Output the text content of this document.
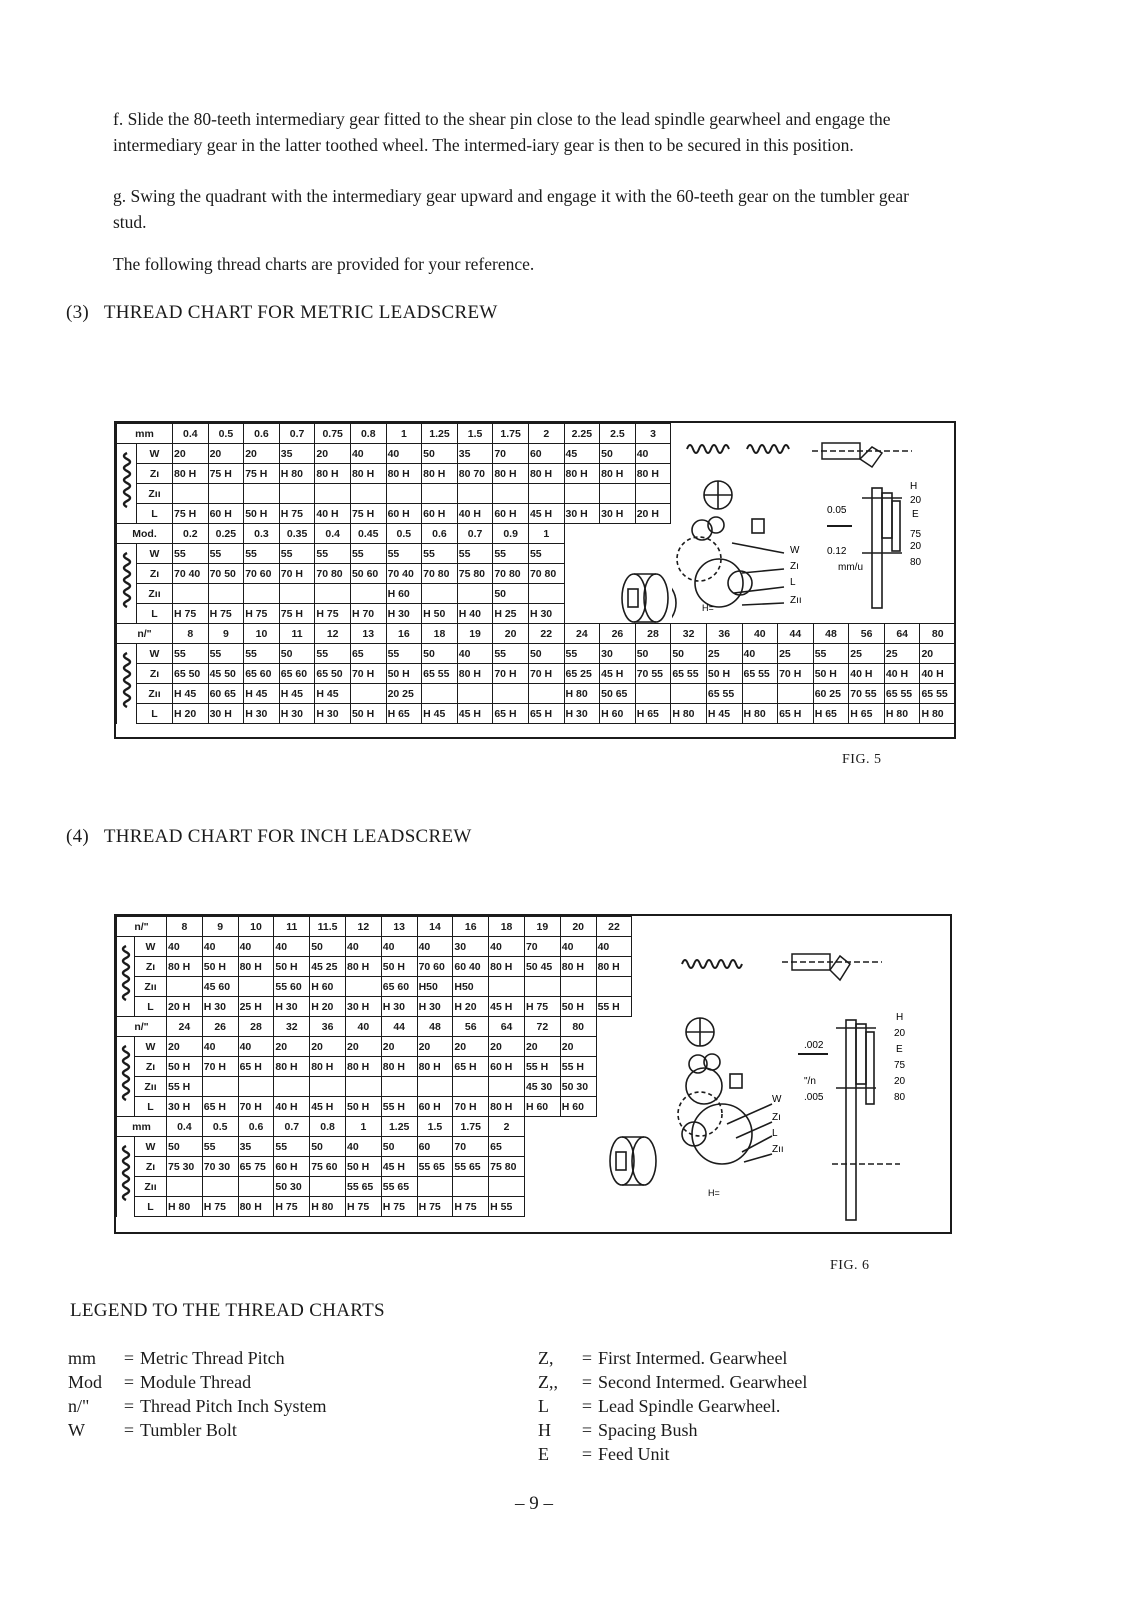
f. Slide the 80-teeth intermediary gear fitted to the shear pin close to the lead spindle gearwheel and engage the intermediary gear in the latter toothed wheel. The intermed-iary gear is then to be secured in this position.
g. Swing the quadrant with the intermediary gear upward and engage it with the 60-teeth gear on the tumbler gear stud.
The following thread charts are provided for your reference.
(3) THREAD CHART FOR METRIC LEADSCREW
mm		0.4	0.5	0.6	0.7	0.75	0.8	1	1.25	1.5	1.75	2	2.25	2.5	3								
	W	20	20	20	35	20	40	40	50	35	70	60	45	50	40								
	Zı	80 H	75 H	75 H	H 80	80 H	80 H	80 H	80 H	80 70	80 H	80 H	80 H	80 H	80 H								
	Zıı																						
	L	75 H	60 H	50 H	H 75	40 H	75 H	60 H	60 H	40 H	60 H	45 H	30 H	30 H	20 H								
Mod.		0.2	0.25	0.3	0.35	0.4	0.45	0.5	0.6	0.7	0.9	1											
	W	55	55	55	55	55	55	55	55	55	55	55											
	Zı	70 40	70 50	70 60	70 H	70 80	50 60	70 40	70 80	75 80	70 80	70 80											
	Zıı							H 60			50												
	L	H 75	H 75	H 75	75 H	H 75	H 70	H 30	H 50	H 40	H 25	H 30											
n/"		8	9	10	11	12	13	16	18	19	20	22	24	26	28	32	36	40	44	48	56	64	80
	W	55	55	55	50	55	65	55	50	40	55	50	55	30	50	50	25	40	25	55	25	25	20
	Zı	65 50	45 50	65 60	65 60	65 50	70 H	50 H	65 55	80 H	70 H	70 H	65 25	45 H	70 55	65 55	50 H	65 55	70 H	50 H	40 H	40 H	40 H
	Zıı	H 45	60 65	H 45	H 45	H 45		20 25					H 80	50 65			65 55			60 25	70 55	65 55	65 55
	L	H 20	30 H	H 30	H 30	H 30	50 H	H 65	H 45	45 H	65 H	65 H	H 30	H 60	H 65	H 80	H 45	H 80	65 H	H 65	H 65	H 80	H 80
W
Zı
L
Zıı
0.05
0.12
mm/u
H
20
E
75
20
80
H=
FIG. 5
(4) THREAD CHART FOR INCH LEADSCREW
n/"		8	9	10	11	11.5	12	13	14	16	18	19	20	22
	W	40	40	40	40	50	40	40	40	30	40	70	40	40
	Zı	80 H	50 H	80 H	50 H	45 25	80 H	50 H	70 60	60 40	80 H	50 45	80 H	80 H
	Zıı		45 60		55 60	H 60		65 60	H50	H50				
	L	20 H	H 30	25 H	H 30	H 20	30 H	H 30	H 30	H 20	45 H	H 75	50 H	55 H
n/"		24	26	28	32	36	40	44	48	56	64	72	80	
	W	20	40	40	20	20	20	20	20	20	20	20	20	
	Zı	50 H	70 H	65 H	80 H	80 H	80 H	80 H	80 H	65 H	60 H	55 H	55 H	
	Zıı	55 H										45 30	50 30	
	L	30 H	65 H	70 H	40 H	45 H	50 H	55 H	60 H	70 H	80 H	H 60	H 60	
mm		0.4	0.5	0.6	0.7	0.8	1	1.25	1.5	1.75	2			
	W	50	55	35	55	50	40	50	60	70	65			
	Zı	75 30	70 30	65 75	60 H	75 60	50 H	45 H	55 65	55 65	75 80			
	Zıı				50 30		55 65	55 65						
	L	H 80	H 75	80 H	H 75	H 80	H 75	H 75	H 75	H 75	H 55			
W
Zı
L
Zıı
.002
"/n
.005
H
20
E
75
20
80
H=
FIG. 6
LEGEND TO THE THREAD CHARTS
mm = Metric Thread Pitch
Mod = Module Thread
n/" = Thread Pitch Inch System
W = Tumbler Bolt
Z, = First Intermed. Gearwheel
Z,, = Second Intermed. Gearwheel
L = Lead Spindle Gearwheel.
H = Spacing Bush
E = Feed Unit
– 9 –
